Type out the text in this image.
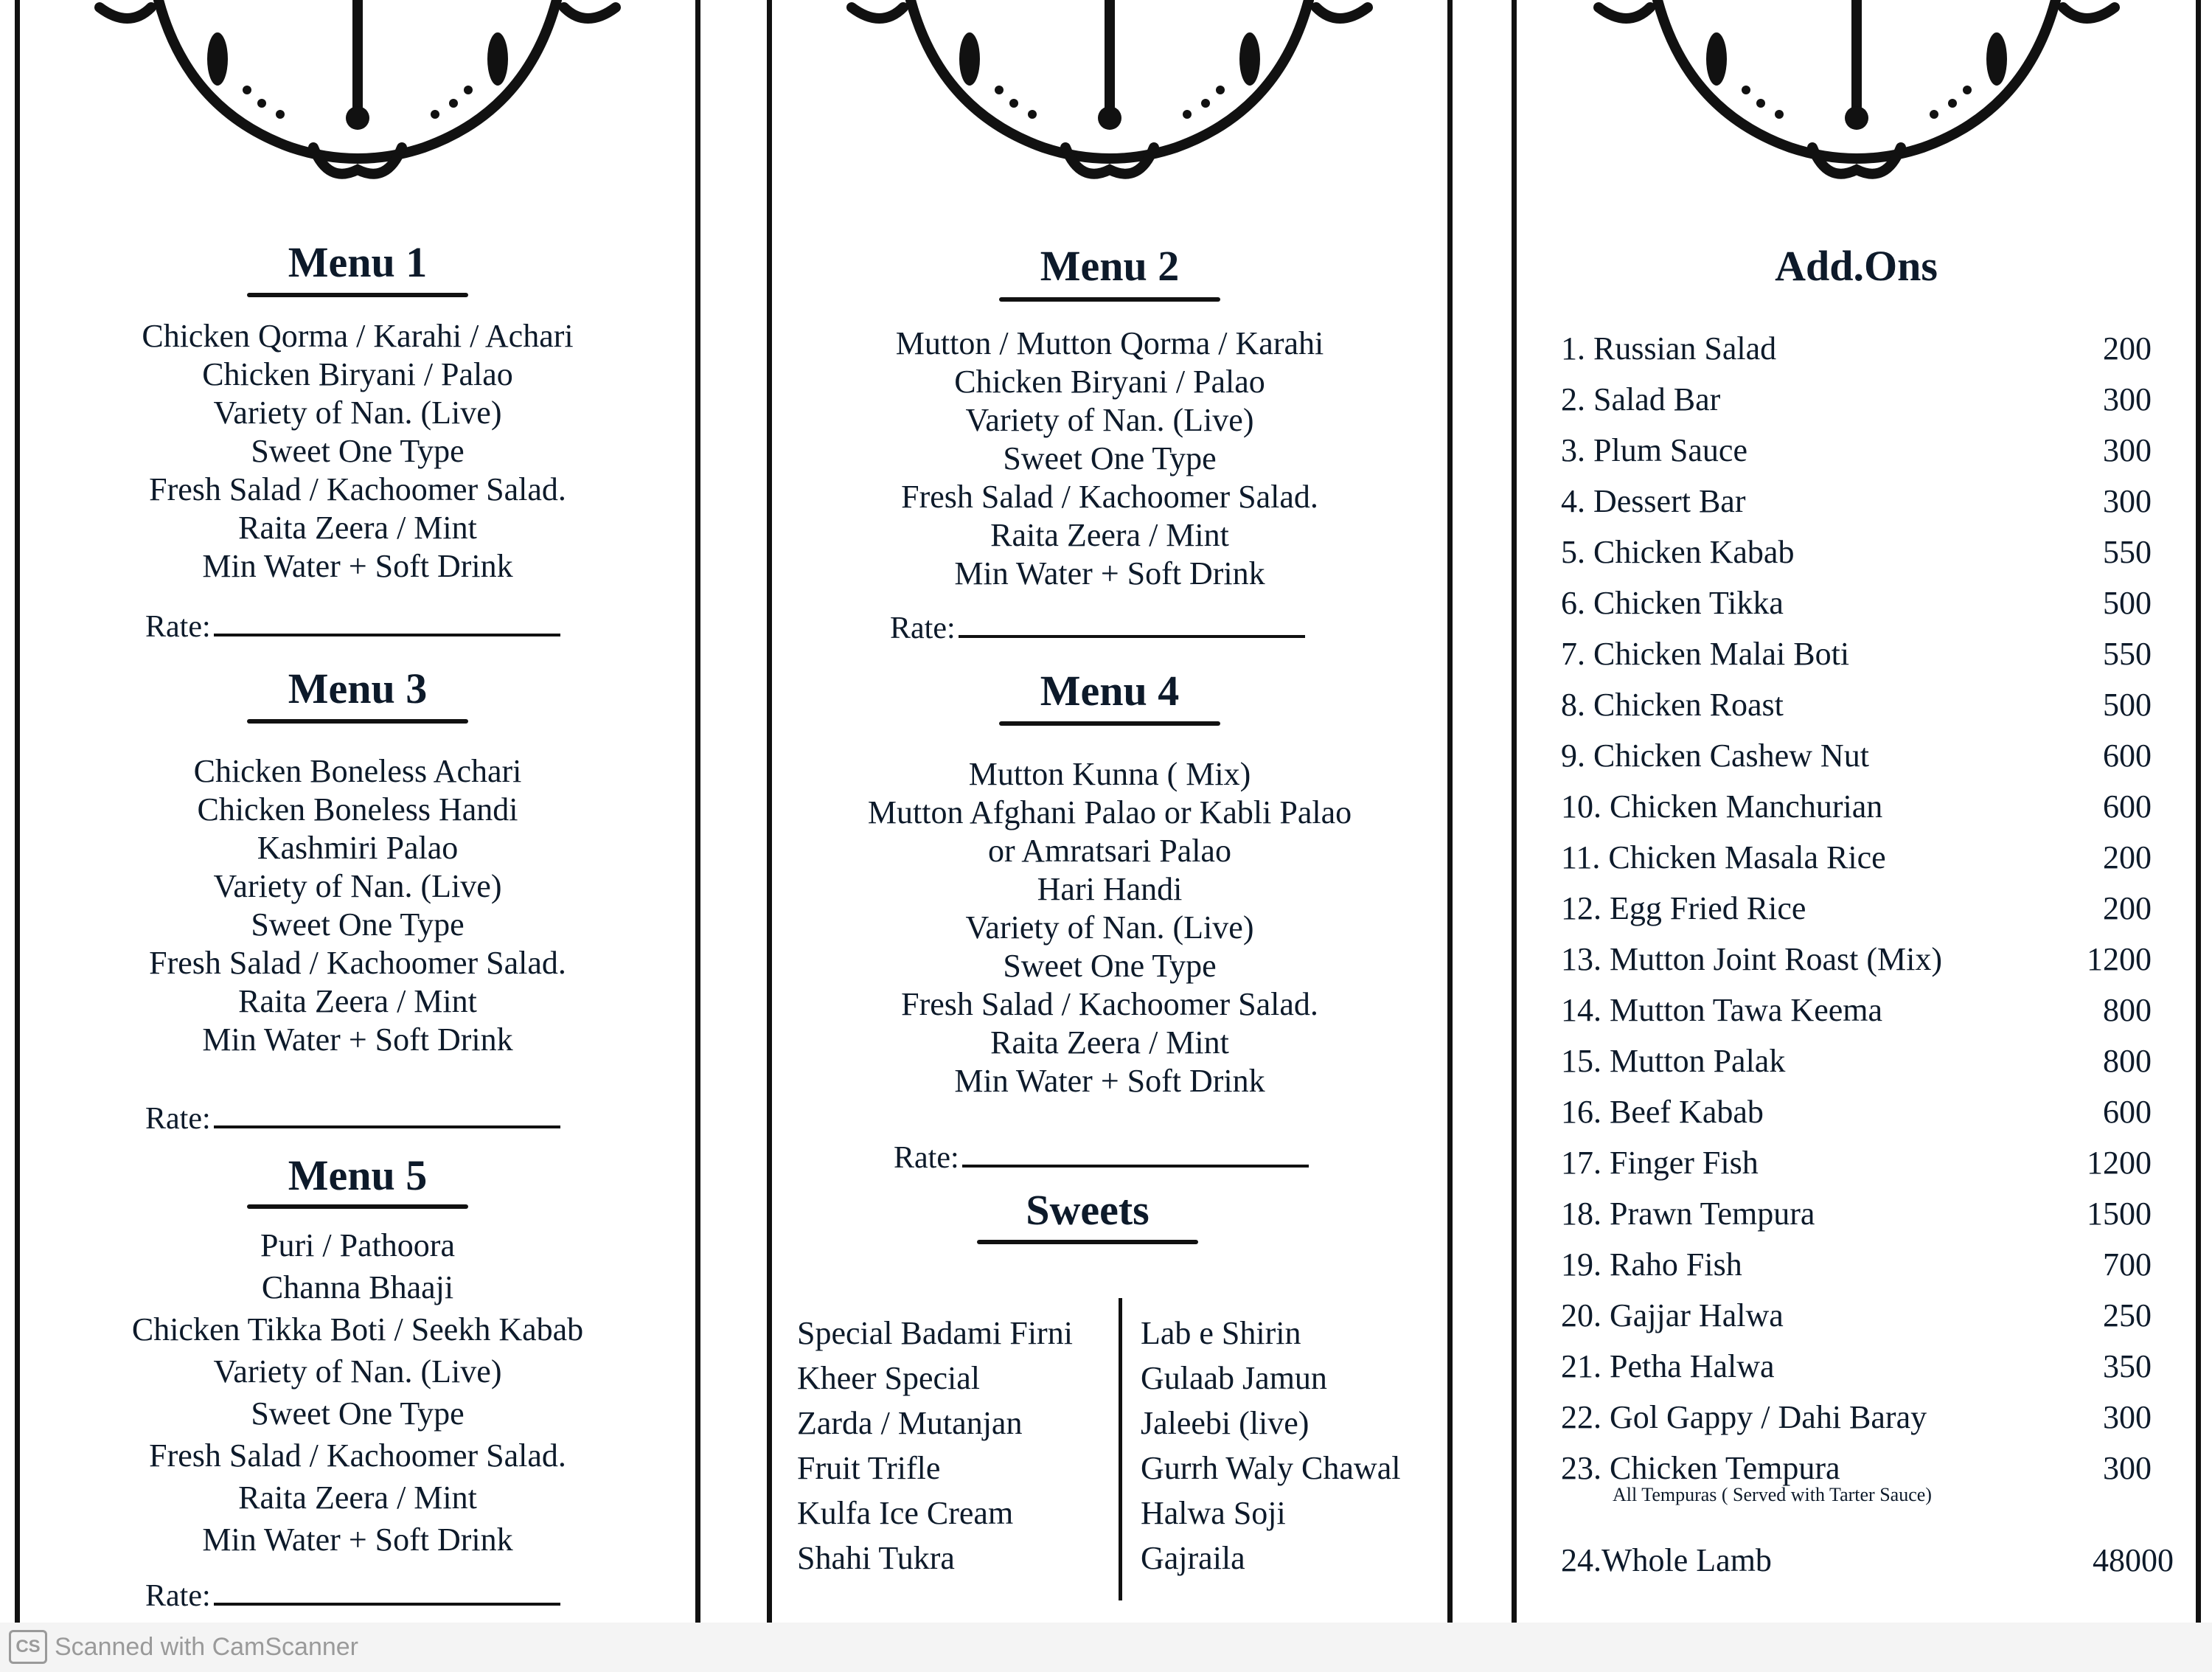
Menu 1
Chicken Qorma / Karahi / Achari
Chicken Biryani / Palao
Variety of Nan. (Live)
Sweet One Type
Fresh Salad / Kachoomer Salad.
Raita Zeera / Mint
Min Water + Soft Drink
Rate:
Menu 3
Chicken Boneless Achari
Chicken Boneless Handi
Kashmiri Palao
Variety of Nan. (Live)
Sweet One Type
Fresh Salad / Kachoomer Salad.
Raita Zeera / Mint
Min Water + Soft Drink
Rate:
Menu 5
Puri / Pathoora
Channa Bhaaji
Chicken Tikka Boti / Seekh Kabab
Variety of Nan. (Live)
Sweet One Type
Fresh Salad / Kachoomer Salad.
Raita Zeera / Mint
Min Water + Soft Drink
Rate:
Menu 2
Mutton / Mutton Qorma / Karahi
Chicken Biryani / Palao
Variety of Nan. (Live)
Sweet One Type
Fresh Salad / Kachoomer Salad.
Raita Zeera / Mint
Min Water + Soft Drink
Rate:
Menu 4
Mutton Kunna ( Mix)
Mutton Afghani Palao or Kabli Palao
or Amratsari Palao
Hari Handi
Variety of Nan. (Live)
Sweet One Type
Fresh Salad / Kachoomer Salad.
Raita Zeera / Mint
Min Water + Soft Drink
Rate:
Sweets
Special Badami Firni
Kheer Special
Zarda / Mutanjan
Fruit Trifle
Kulfa Ice Cream
Shahi Tukra
Lab e Shirin
Gulaab Jamun
Jaleebi (live)
Gurrh Waly Chawal
Halwa Soji
Gajraila
Add.Ons
1. Russian Salad	200
2. Salad Bar	300
3. Plum Sauce	300
4. Dessert Bar	300
5. Chicken Kabab	550
6. Chicken Tikka	500
7. Chicken Malai Boti	550
8. Chicken Roast	500
9. Chicken Cashew Nut	600
10. Chicken Manchurian	600
11. Chicken Masala Rice	200
12. Egg Fried Rice	200
13. Mutton Joint Roast (Mix)	1200
14. Mutton Tawa Keema	800
15. Mutton Palak	800
16. Beef Kabab	600
17. Finger Fish	1200
18. Prawn Tempura	1500
19. Raho Fish	700
20. Gajjar Halwa	250
21. Petha Halwa	350
22. Gol Gappy / Dahi Baray	300
23. Chicken Tempura	300
All Tempuras ( Served with Tarter Sauce)
24.Whole Lamb	48000
CS Scanned with CamScanner
